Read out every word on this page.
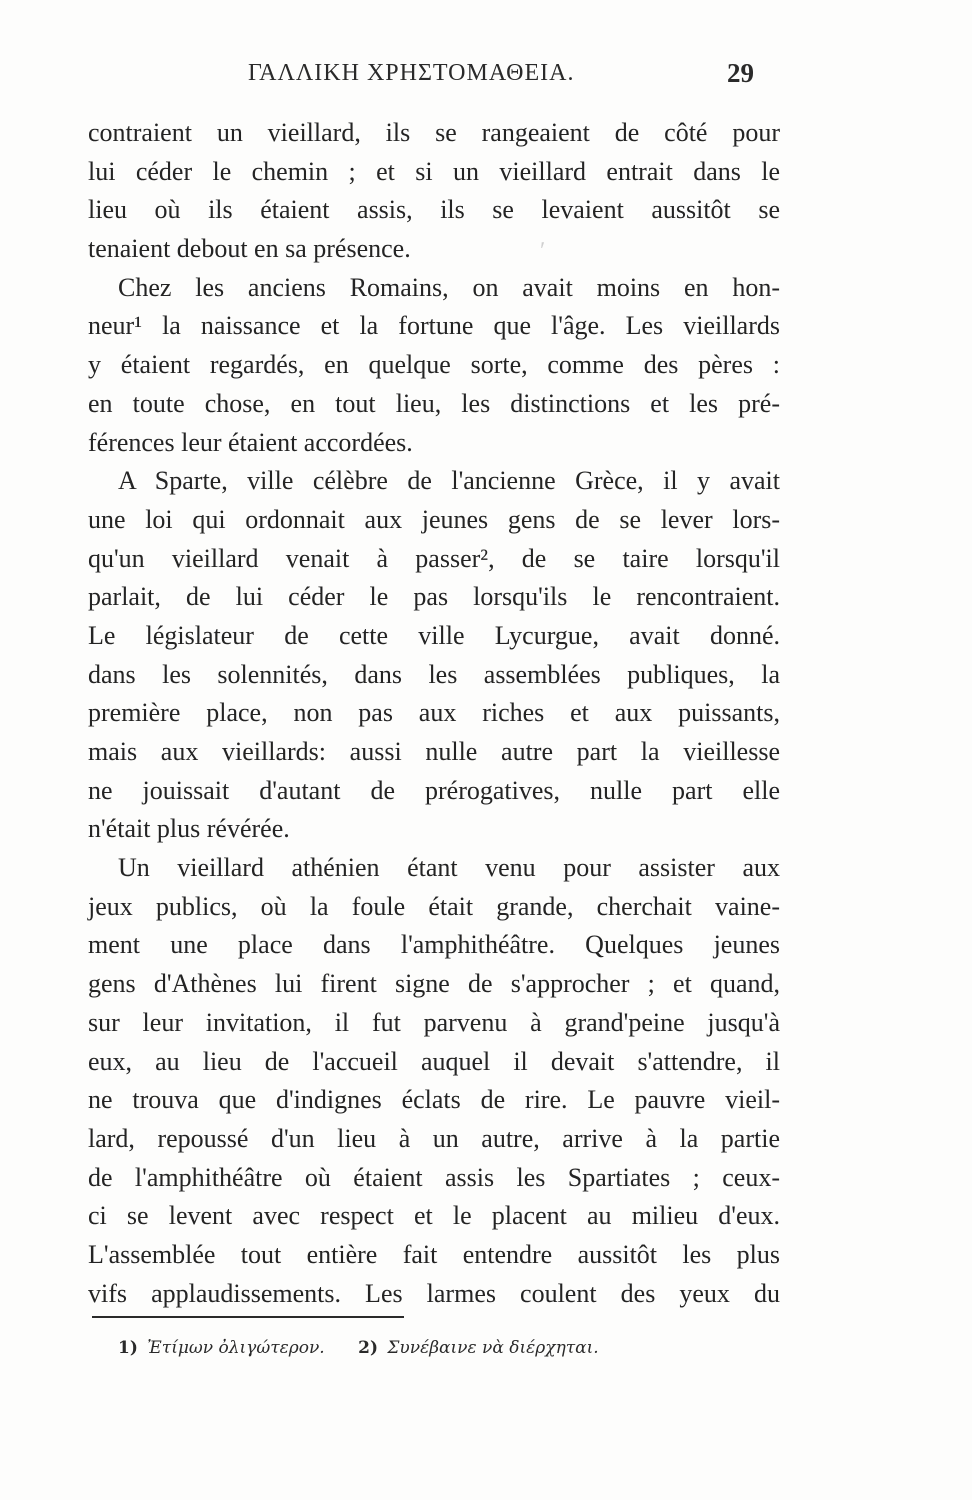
ΓΑΛΛΙΚΗ ΧΡΗΣΤΟΜΑΘΕΙΑ.	29
ʹ
contraient un vieillard, ils se rangeaient de côté pour
lui céder le chemin ; et si un vieillard entrait dans le
lieu où ils étaient assis, ils se levaient aussitôt se
tenaient debout en sa présence.
Chez les anciens Romains, on avait moins en hon-
neur¹ la naissance et la fortune que l'âge. Les vieillards
y étaient regardés, en quelque sorte, comme des pères :
en toute chose, en tout lieu, les distinctions et les pré-
férences leur étaient accordées.
A Sparte, ville célèbre de l'ancienne Grèce, il y avait
une loi qui ordonnait aux jeunes gens de se lever lors-
qu'un vieillard venait à passer², de se taire lorsqu'il
parlait, de lui céder le pas lorsqu'ils le rencontraient.
Le législateur de cette ville Lycurgue, avait donné.
dans les solennités, dans les assemblées publiques, la
première place, non pas aux riches et aux puissants,
mais aux vieillards: aussi nulle autre part la vieillesse
ne jouissait d'autant de prérogatives, nulle part elle
n'était plus révérée.
Un vieillard athénien étant venu pour assister aux
jeux publics, où la foule était grande, cherchait vaine-
ment une place dans l'amphithéâtre. Quelques jeunes
gens d'Athènes lui firent signe de s'approcher ; et quand,
sur leur invitation, il fut parvenu à grand'peine jusqu'à
eux, au lieu de l'accueil auquel il devait s'attendre, il
ne trouva que d'indignes éclats de rire. Le pauvre vieil-
lard, repoussé d'un lieu à un autre, arrive à la partie
de l'amphithéâtre où étaient assis les Spartiates ; ceux-
ci se levent avec respect et le placent au milieu d'eux.
L'assemblée tout entière fait entendre aussitôt les plus
vifs applaudissements. Les larmes coulent des yeux du
1) Ἐτίμων ὀλιγώτερον. 2) Συνέβαινε νὰ διέρχηται.
